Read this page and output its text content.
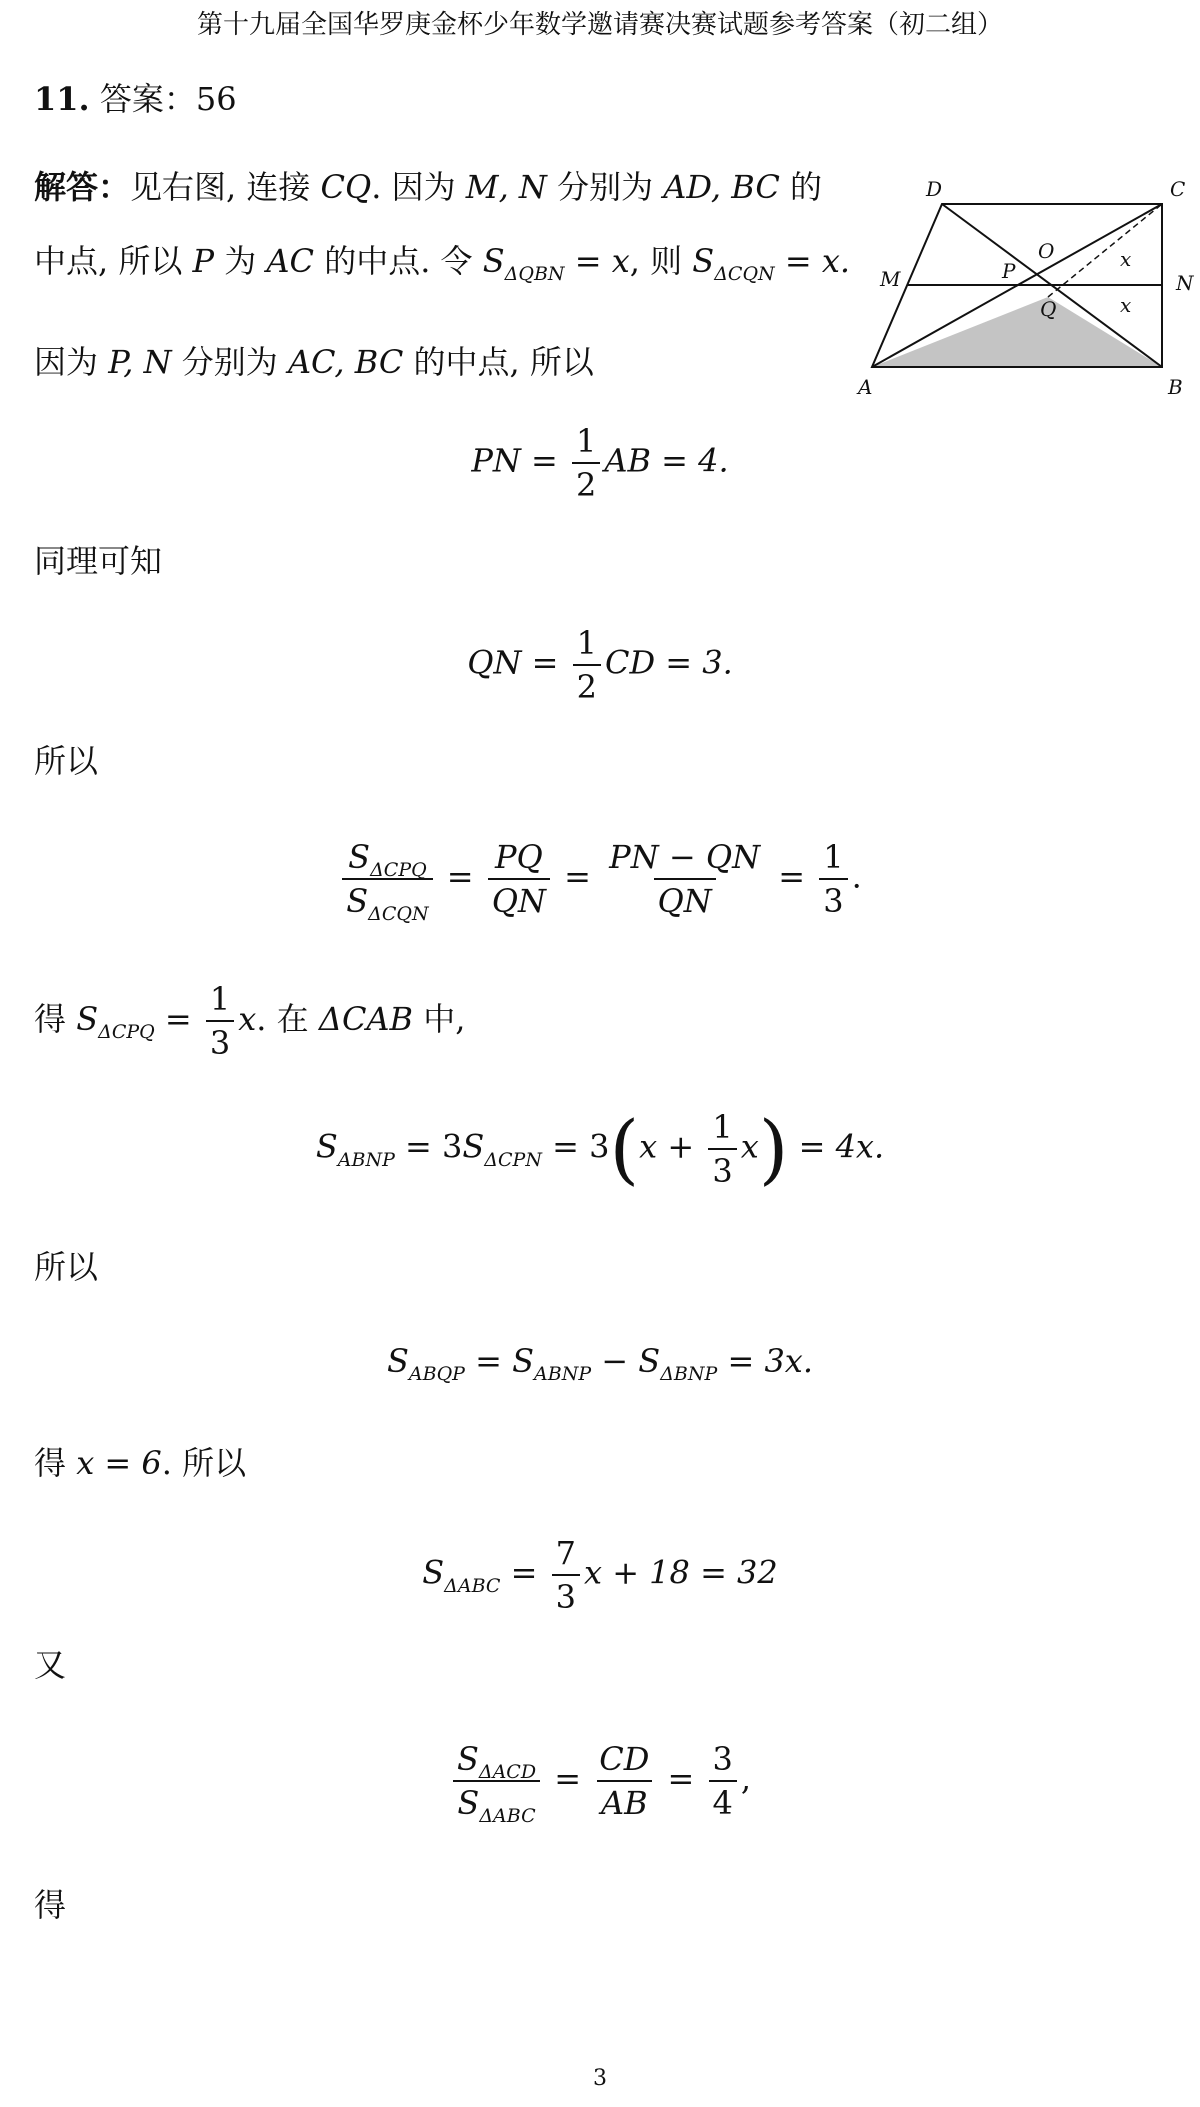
第十九届全国华罗庚金杯少年数学邀请赛决赛试题参考答案（初二组）
11. 答案：56
解答：见右图, 连接 CQ. 因为 M, N 分别为 AD, BC 的
中点, 所以 P 为 AC 的中点. 令 $S_{\Delta QBN} = x$, 则 $S_{\Delta CQN} = x$.
因为 P, N 分别为 AC, BC 的中点, 所以
D	C
O
M	P
Q
N
A	B
x
x
PN = $\frac{1}{2}$ AB = 4.
同理可知
QN = $\frac{1}{2}$ CD = 3.
所以
$\frac{S_{\Delta CPQ}}{S_{\Delta CQN}} = \frac{PQ}{QN} = \frac{PN - QN}{QN} = \frac{1}{3}$ .
得 $S_{\Delta CPQ} = \frac{1}{3} x$. 在 ΔCAB 中,
$S_{ABNP} = 3S_{\Delta CPN} = 3(x + \frac{1}{3} x) = 4x$.
所以
$S_{ABQP} = S_{ABNP} - S_{\Delta BNP} = 3x$.
得 x = 6. 所以
$S_{\Delta ABC} = \frac{7}{3}$ x + 18 = 32
又
$\frac{S_{\Delta ACD}}{S_{\Delta ABC}} = \frac{CD}{AB} = \frac{3}{4}$ ,
得
3
